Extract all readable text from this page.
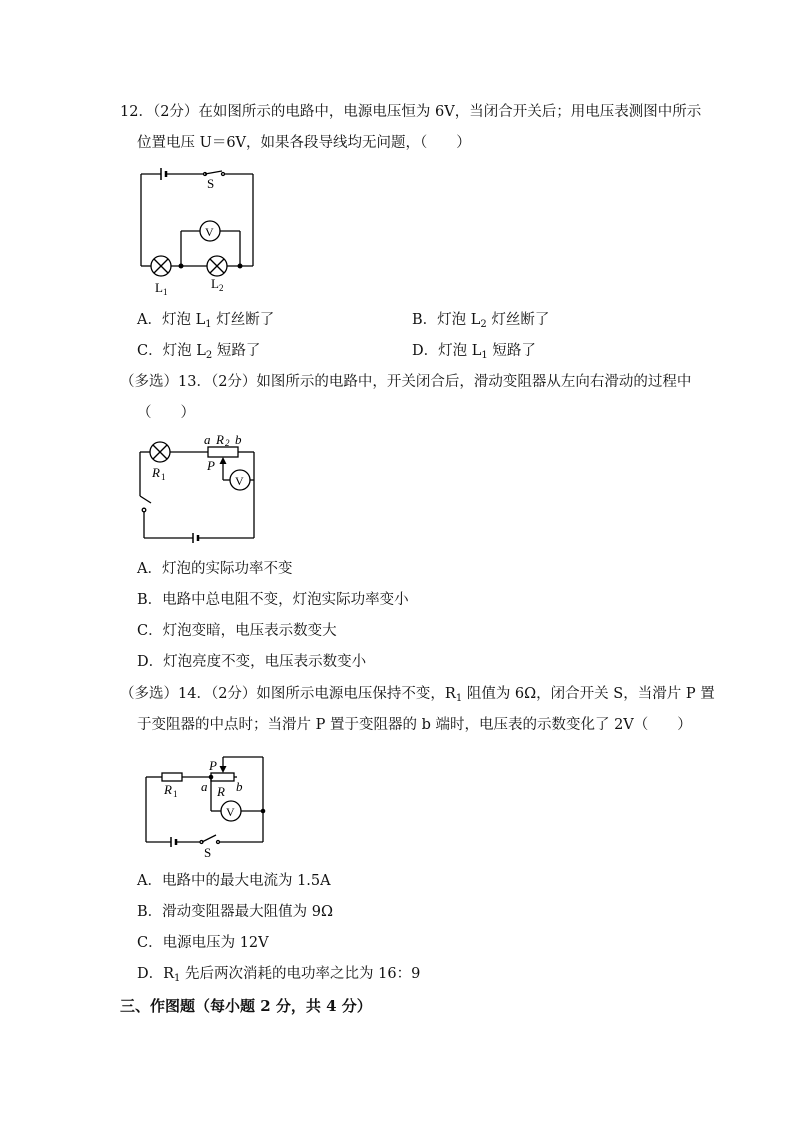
12．（2分）在如图所示的电路中，电源电压恒为 6V，当闭合开关后；用电压表测图中所示
位置电压 U＝6V，如果各段导线均无问题，（　　）
S
V
L 1
L 2
A．灯泡 $L_1$ 灯丝断了	B．灯泡 $L_2$ 灯丝断了
C．灯泡 $L_2$ 短路了	D．灯泡 $L_1$ 短路了
（多选）13．（2分）如图所示的电路中，开关闭合后，滑动变阻器从左向右滑动的过程中
（　　）
a R 2 b
P
R 1	V
A．灯泡的实际功率不变
B．电路中总电阻不变，灯泡实际功率变小
C．灯泡变暗，电压表示数变大
D．灯泡亮度不变，电压表示数变小
（多选）14．（2分）如图所示电源电压保持不变，$R_1$ 阻值为 6Ω，闭合开关 S，当滑片 P 置
于变阻器的中点时；当滑片 P 置于变阻器的 b 端时，电压表的示数变化了 2V（　　）
P
R 1 a R b
V
S
A．电路中的最大电流为 1.5A
B．滑动变阻器最大阻值为 9Ω
C．电源电压为 12V
D．$R_1$ 先后两次消耗的电功率之比为 16：9
三、作图题（每小题 2 分，共 4 分）
